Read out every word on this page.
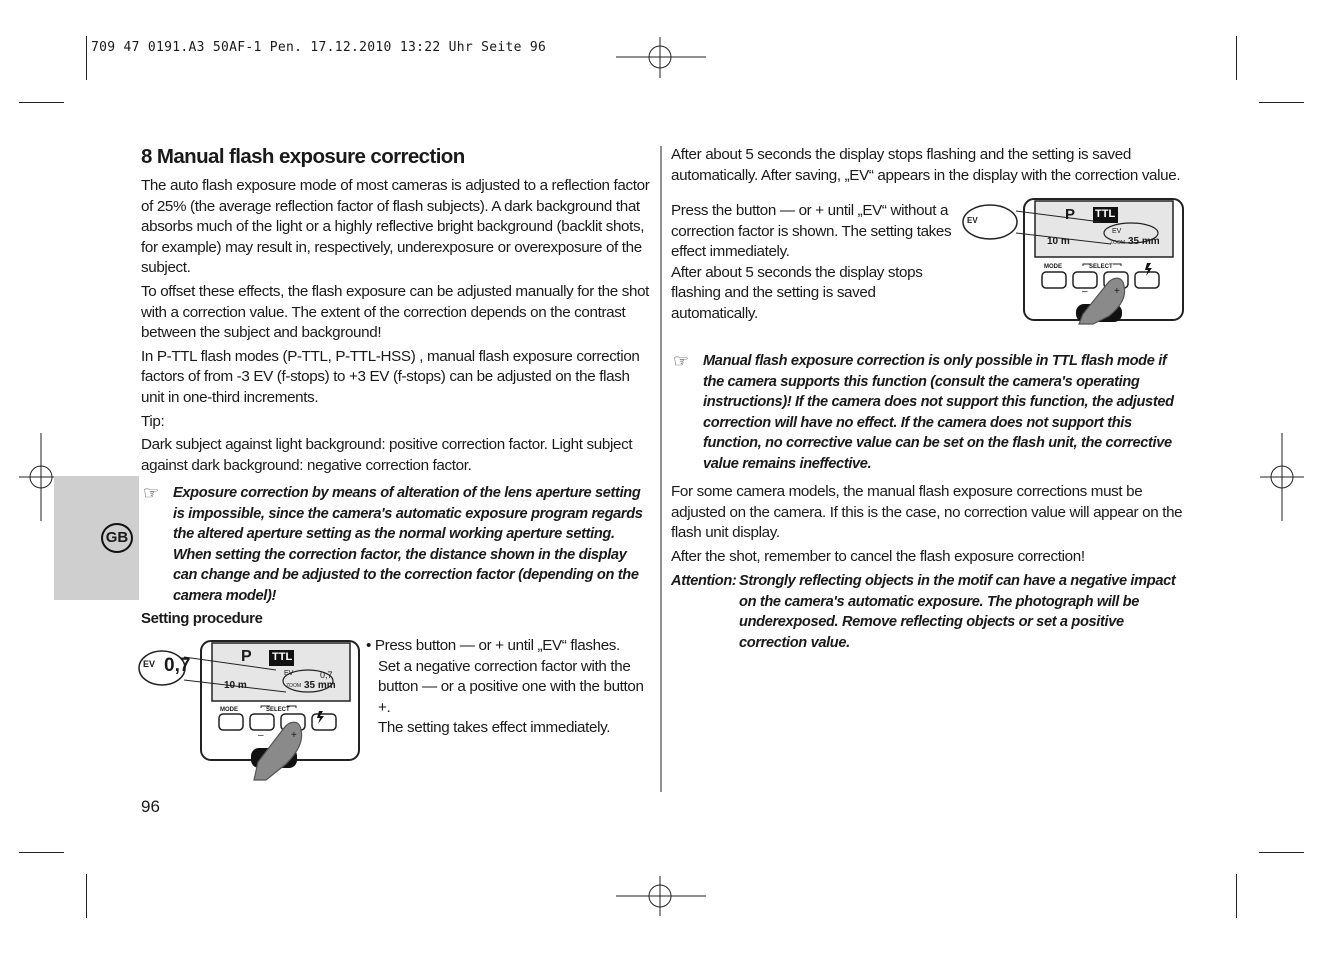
709 47 0191.A3 50AF-1 Pen. 17.12.2010 13:22 Uhr Seite 96
GB
8 Manual flash exposure correction

The auto flash exposure mode of most cameras is adjusted to a reflection factor of 25% (the average reflection factor of flash subjects). A dark background that absorbs much of the light or a highly reflective bright background (backlit shots, for example) may result in, respectively, underexposure or overexposure of the subject.

To offset these effects, the flash exposure can be adjusted manually for the shot with a correction value. The extent of the correction depends on the contrast between the subject and background!

In P-TTL flash modes (P-TTL, P-TTL-HSS) , manual flash exposure correction factors of from -3 EV (f-stops) to +3 EV (f-stops) can be adjusted on the flash unit in one-third increments.

Tip:

Dark subject against light background: positive correction factor. Light subject against dark background: negative correction factor.

☞ Exposure correction by means of alteration of the lens aperture setting is impossible, since the camera's automatic exposure program regards the altered aperture setting as the normal working aperture setting.

When setting the correction factor, the distance shown in the display can change and be adjusted to the correction factor (depending on the camera model)!

Setting procedure
EV 0,7	P TTL
EV	0,7
10 m	ZOOM 35 mm
MODE	SELECT
–	+

• Press button — or + until „EV“ flashes.

Set a negative correction factor with the button — or a positive one with the button +.

The setting takes effect immediately.

96
After about 5 seconds the display stops flashing and the setting is saved automatically. After saving, „EV“ appears in the display with the correction value.

Press the button — or + until „EV“ without a correction factor is shown. The setting takes effect immediately.

After about 5 seconds the display stops flashing and the setting is saved automatically.

EV	P TTL
EV
10 m	ZOOM 35 mm
MODE	SELECT
–	+
☞ Manual flash exposure correction is only possible in TTL flash mode if the camera supports this function (consult the camera's operating instructions)! If the camera does not support this function, the adjusted correction will have no effect. If the camera does not support this function, no corrective value can be set on the flash unit, the corrective value remains ineffective.

For some camera models, the manual flash exposure corrections must be adjusted on the camera. If this is the case, no correction value will appear on the flash unit display.

After the shot, remember to cancel the flash exposure correction!

Attention: Strongly reflecting objects in the motif can have a negative impact on the camera's automatic exposure. The photograph will be underexposed. Remove reflecting objects or set a positive correction value.
